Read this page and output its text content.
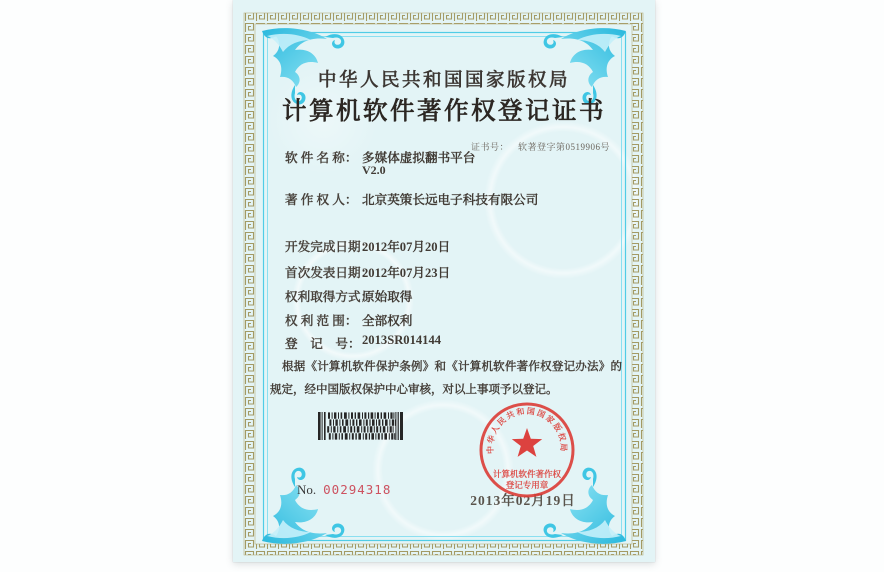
中华人民共和国国家版权局
计算机软件著作权登记证书

证书号： 软著登字第0519906号

软 件 名 称：

多媒体虚拟翻书平台

V2.0

著 作 权 人：

北京英策长远电子科技有限公司

开发完成日期：

2012年07月20日

首次发表日期：

2012年07月23日

权利取得方式：

原始取得

权 利 范 围：

全部权利

登　记　号：

2013SR014144

根据《计算机软件保护条例》和《计算机软件著作权登记办法》的规定，经中国版权保护中心审核，对以上事项予以登记。
No. 00294318
2013年02月19日
中华人民共和国国家版权局
计算机软件著作权
登记专用章
